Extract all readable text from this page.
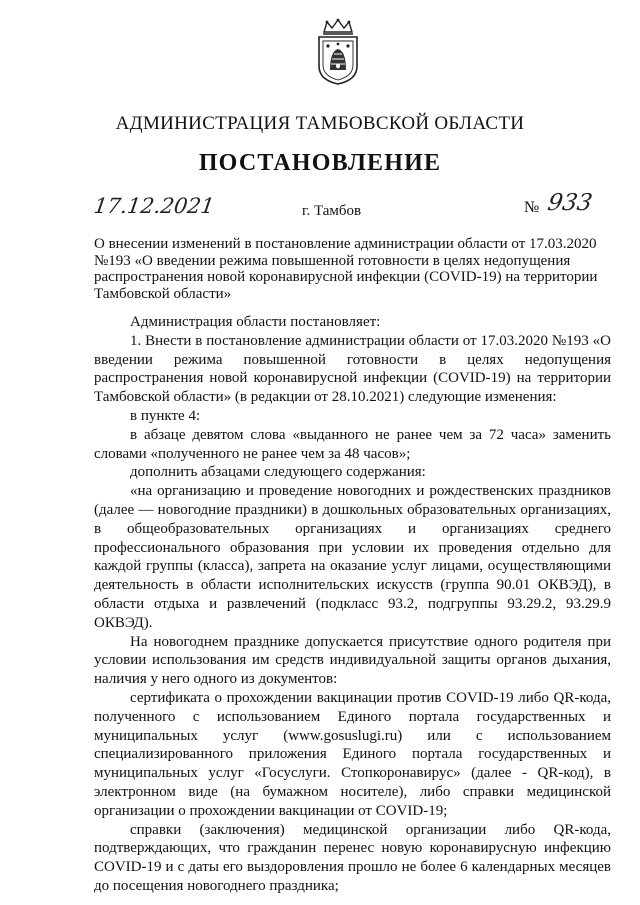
АДМИНИСТРАЦИЯ ТАМБОВСКОЙ ОБЛАСТИ
ПОСТАНОВЛЕНИЕ
17.12.2021	г. Тамбов	№ 933
О внесении изменений в постановление администрации области от 17.03.2020 №193 «О введении режима повышенной готовности в целях недопущения распространения новой коронавирусной инфекции (COVID-19) на территории Тамбовской области»

Администрация области постановляет:

1. Внести в постановление администрации области от 17.03.2020 №193 «О введении режима повышенной готовности в целях недопущения распространения новой коронавирусной инфекции (COVID-19) на территории Тамбовской области» (в редакции от 28.10.2021) следующие изменения:

в пункте 4:

в абзаце девятом слова «выданного не ранее чем за 72 часа» заменить словами «полученного не ранее чем за 48 часов»;

дополнить абзацами следующего содержания:

«на организацию и проведение новогодних и рождественских праздников (далее — новогодние праздники) в дошкольных образовательных организациях, в общеобразовательных организациях и организациях среднего профессионального образования при условии их проведения отдельно для каждой группы (класса), запрета на оказание услуг лицами, осуществляющими деятельность в области исполнительских искусств (группа 90.01 ОКВЭД), в области отдыха и развлечений (подкласс 93.2, подгруппы 93.29.2, 93.29.9 ОКВЭД).

На новогоднем празднике допускается присутствие одного родителя при условии использования им средств индивидуальной защиты органов дыхания, наличия у него одного из документов:

сертификата о прохождении вакцинации против COVID-19 либо QR-кода, полученного с использованием Единого портала государственных и муниципальных услуг (www.gosuslugi.ru) или с использованием специализированного приложения Единого портала государственных и муниципальных услуг «Госуслуги. Стопкоронавирус» (далее - QR-код), в электронном виде (на бумажном носителе), либо справки медицинской организации о прохождении вакцинации от COVID-19;

справки (заключения) медицинской организации либо QR-кода, подтверждающих, что гражданин перенес новую коронавирусную инфекцию COVID-19 и с даты его выздоровления прошло не более 6 календарных месяцев до посещения новогоднего праздника;
